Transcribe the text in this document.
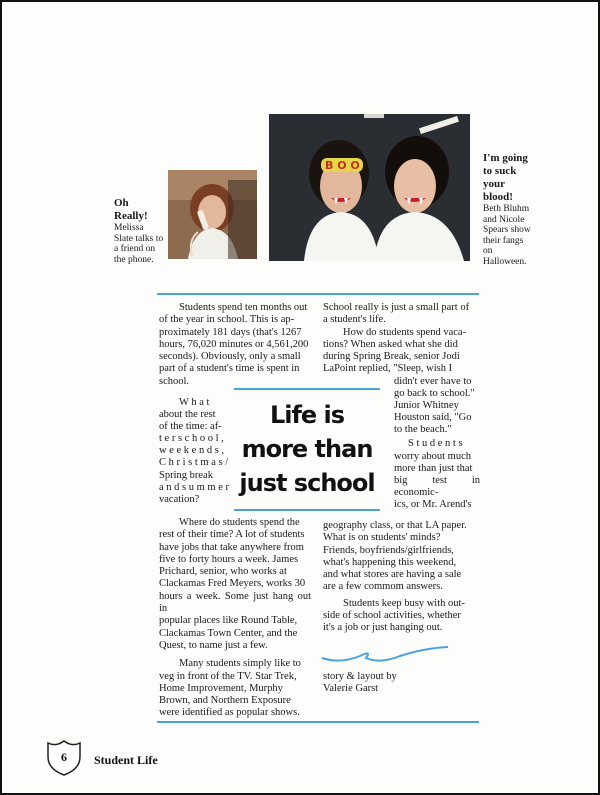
B O O
Oh Really!
Melissa Slate talks to a friend on the phone.
I'm going to suck your blood!
Beth Bluhm and Nicole Spears show their fangs on Halloween.
Life is
more than
just school
Students spend ten months out
of the year in school. This is ap-
proximately 181 days (that's 1267
hours, 76,020 minutes or 4,561,200
seconds). Obviously, only a small
part of a student's time is spent in
school.
W h a t
about the rest
of the time: af-
t e r s c h o o l ,
w e e k e n d s ,
C h r i s t m a s /
Spring break
a n d s u m m e r
vacation?
Where do students spend the
rest of their time? A lot of students
have jobs that take anywhere from
five to forty hours a week. James
Prichard, senior, who works at
Clackamas Fred Meyers, works 30
hours a week. Some just hang out in
popular places like Round Table,
Clackamas Town Center, and the
Quest, to name just a few.
Many students simply like to
veg in front of the TV. Star Trek,
Home Improvement, Murphy
Brown, and Northern Exposure
were identified as popular shows.
School really is just a small part of
a student's life.
How do students spend vaca-
tions? When asked what she did
during Spring Break, senior Jodi
LaPoint replied, "Sleep, wish I
didn't ever have to
go back to school."
Junior Whitney
Houston said, "Go
to the beach."
S t u d e n t s
worry about much
more than just that
big test in economic-
ics, or Mr. Arend's
geography class, or that LA paper.
What is on students' minds?
Friends, boyfriends/girlfriends,
what's happening this weekend,
and what stores are having a sale
are a few commom answers.
Students keep busy with out-
side of school activities, whether
it's a job or just hanging out.
story & layout by
Valerie Garst
6	Student Life
